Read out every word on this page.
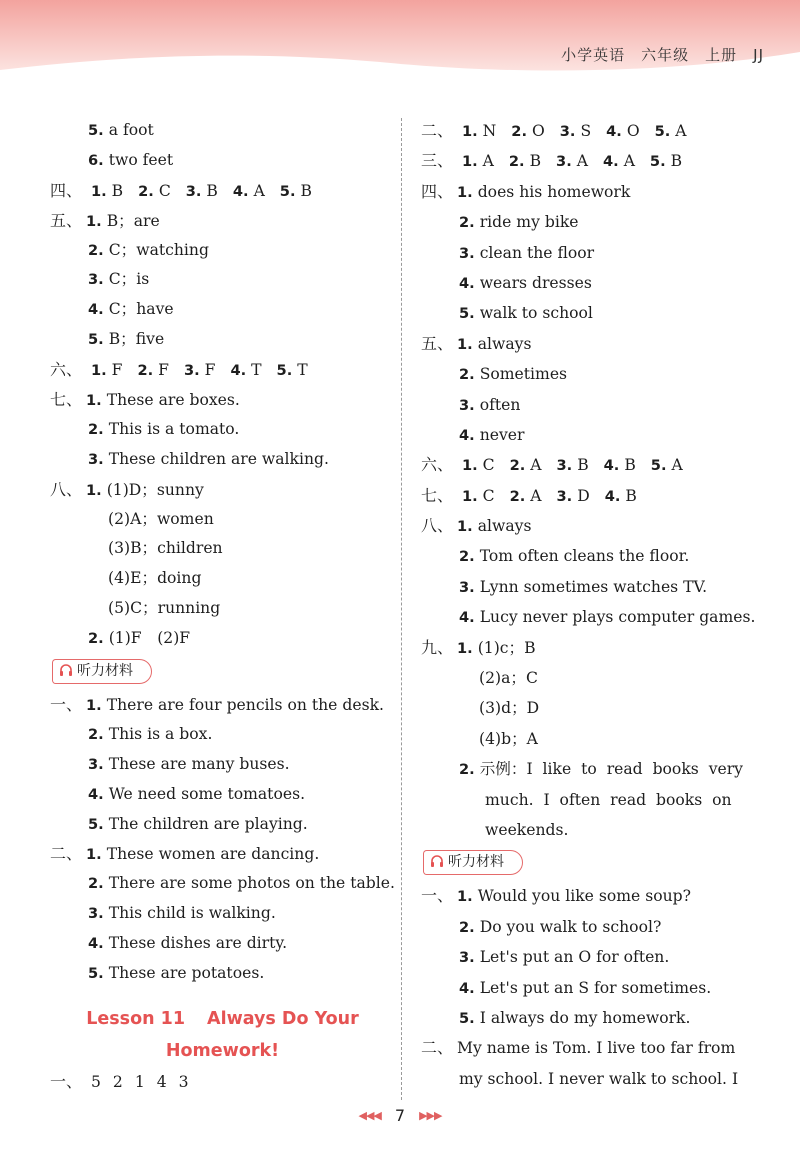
小学英语　六年级　上册　JJ
5. a foot
6. two feet
四、 1. B 2. C 3. B 4. A 5. B
五、 1. B；are
2. C；watching
3. C；is
4. C；have
5. B；five
六、 1. F 2. F 3. F 4. T 5. T
七、 1. These are boxes.
2. This is a tomato.
3. These children are walking.
八、 1. (1)D；sunny
(2)A；women
(3)B；children
(4)E；doing
(5)C；running
2. (1)F　(2)F
听力材料
一、 1. There are four pencils on the desk.
2. This is a box.
3. These are many buses.
4. We need some tomatoes.
5. The children are playing.
二、 1. These women are dancing.
2. There are some photos on the table.
3. This child is walking.
4. These dishes are dirty.
5. These are potatoes.
Lesson 11 Always Do Your
Homework!
一、 5 2 1 4 3
二、 1. N 2. O 3. S 4. O 5. A
三、 1. A 2. B 3. A 4. A 5. B
四、 1. does his homework
2. ride my bike
3. clean the floor
4. wears dresses
5. walk to school
五、 1. always
2. Sometimes
3. often
4. never
六、 1. C 2. A 3. B 4. B 5. A
七、 1. C 2. A 3. D 4. B
八、 1. always
2. Tom often cleans the floor.
3. Lynn sometimes watches TV.
4. Lucy never plays computer games.
九、 1. (1)c；B
(2)a；C
(3)d；D
(4)b；A
2. 示例：I  like  to  read  books  very
much.  I  often  read  books  on
weekends.
听力材料
一、 1. Would you like some soup?
2. Do you walk to school?
3. Let's put an O for often.
4. Let's put an S for sometimes.
5. I always do my homework.
二、 My name is Tom. I live too far from
my school. I never walk to school. I
◀◀◀ 7 ▶▶▶
